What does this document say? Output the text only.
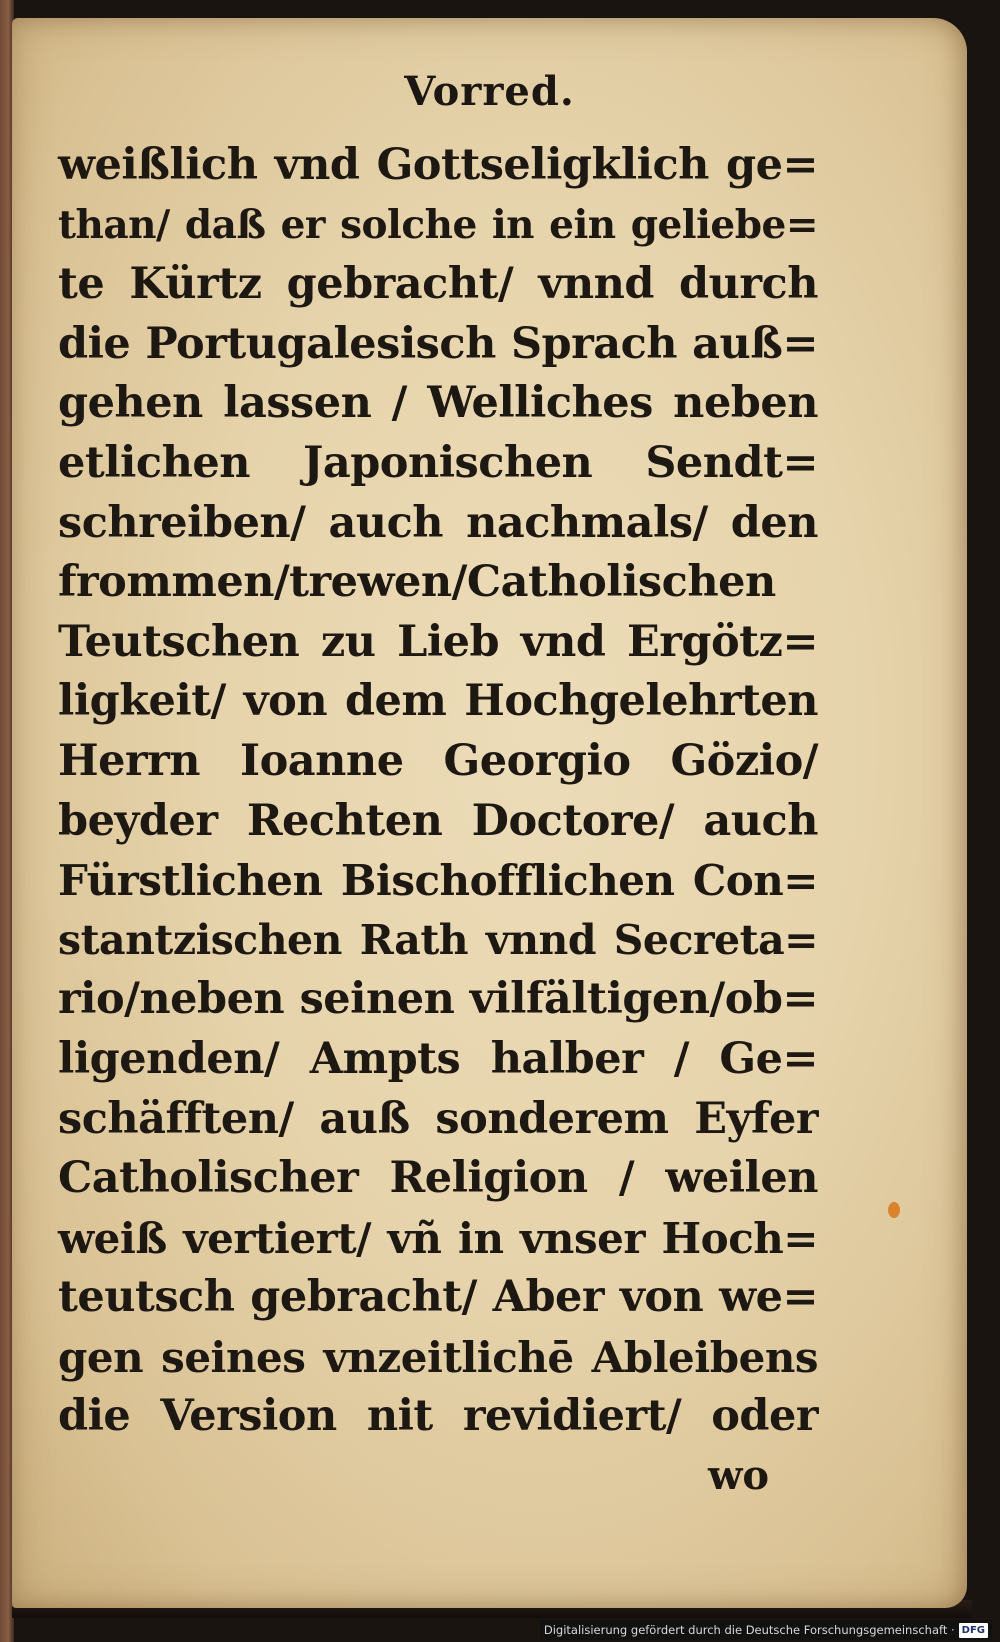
Vorred.
weißlich vnd Gottseligklich ge=
than/ daß er solche in ein geliebe=
te Kürtz gebracht/ vnnd durch
die Portugalesisch Sprach auß=
gehen lassen / Welliches neben
etlichen Japonischen Sendt=
schreiben/ auch nachmals/ den
frommen/trewen/Catholischen
Teutschen zu Lieb vnd Ergötz=
ligkeit/ von dem Hochgelehrten
Herrn Ioanne Georgio Gözio/
beyder Rechten Doctore/ auch
Fürstlichen Bischofflichen Con=
stantzischen Rath vnnd Secreta=
rio/neben seinen vilfältigen/ob=
ligenden/ Ampts halber / Ge=
schäfften/ auß sonderem Eyfer
Catholischer Religion / weilen
weiß vertiert/ vñ in vnser Hoch=
teutsch gebracht/ Aber von we=
gen seines vnzeitlichē Ableibens
die Version nit revidiert/ oder
wo
Digitalisierung gefördert durch die Deutsche Forschungsgemeinschaft · DFG
